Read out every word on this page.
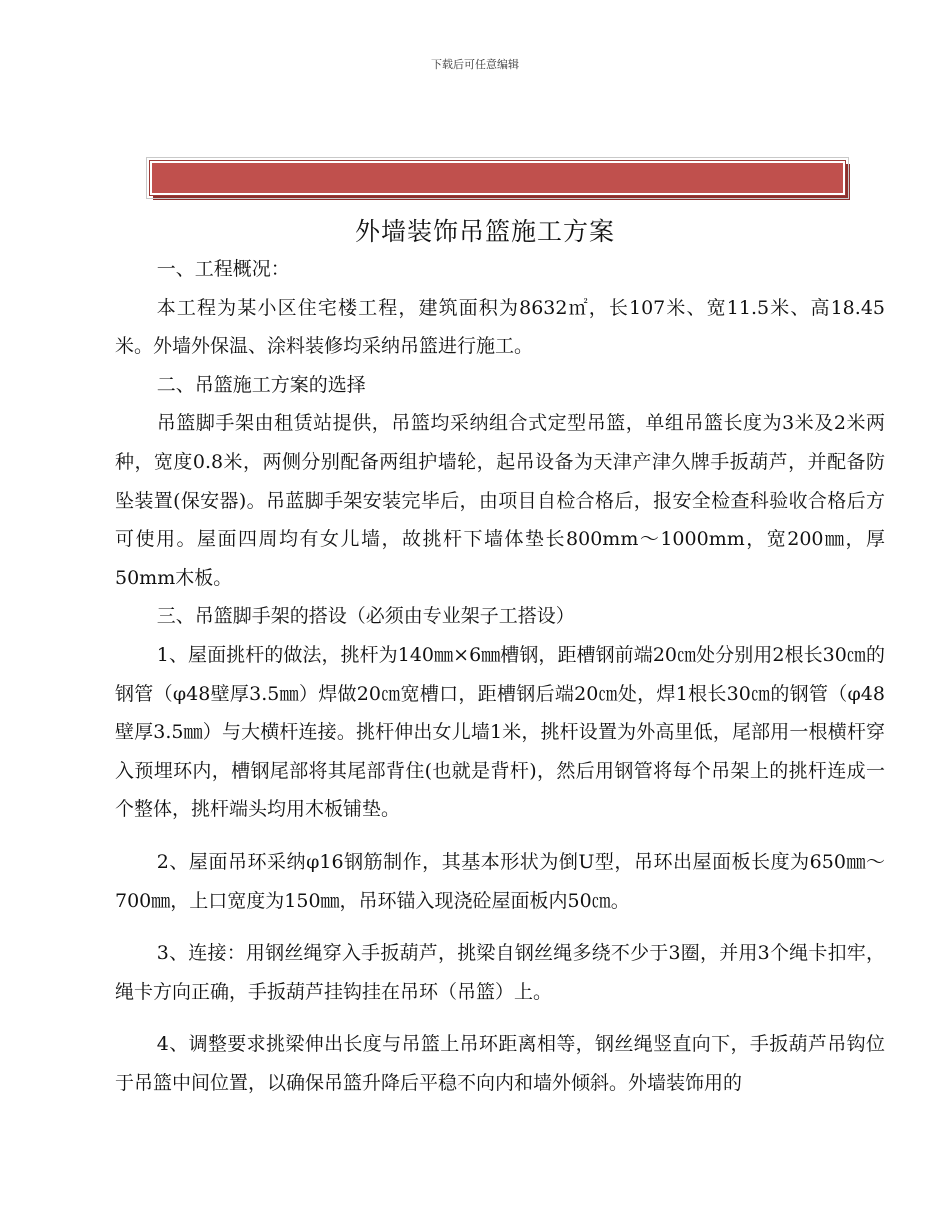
下载后可任意编辑
外墙装饰吊篮施工方案

一、工程概况：

本工程为某小区住宅楼工程，建筑面积为8632㎡，长107米、宽11.5米、高18.45米。外墙外保温、涂料装修均采纳吊篮进行施工。

二、吊篮施工方案的选择

吊篮脚手架由租赁站提供，吊篮均采纳组合式定型吊篮，单组吊篮长度为3米及2米两种，宽度0.8米，两侧分别配备两组护墙轮，起吊设备为天津产津久牌手扳葫芦，并配备防坠装置(保安器)。吊蓝脚手架安装完毕后，由项目自检合格后，报安全检查科验收合格后方可使用。屋面四周均有女儿墙，故挑杆下墙体垫长800mm～1000mm，宽200㎜，厚50mm木板。

三、吊篮脚手架的搭设（必须由专业架子工搭设）

1、屋面挑杆的做法，挑杆为140㎜×6㎜槽钢，距槽钢前端20㎝处分别用2根长30㎝的钢管（φ48壁厚3.5㎜）焊做20㎝宽槽口，距槽钢后端20㎝处，焊1根长30㎝的钢管（φ48壁厚3.5㎜）与大横杆连接。挑杆伸出女儿墙1米，挑杆设置为外高里低，尾部用一根横杆穿入预埋环内，槽钢尾部将其尾部背住(也就是背杆)，然后用钢管将每个吊架上的挑杆连成一个整体，挑杆端头均用木板铺垫。

2、屋面吊环采纳φ16钢筋制作，其基本形状为倒U型，吊环出屋面板长度为650㎜～700㎜，上口宽度为150㎜，吊环锚入现浇砼屋面板内50㎝。

3、连接：用钢丝绳穿入手扳葫芦，挑梁自钢丝绳多绕不少于3圈，并用3个绳卡扣牢，绳卡方向正确，手扳葫芦挂钩挂在吊环（吊篮）上。

4、调整要求挑梁伸出长度与吊篮上吊环距离相等，钢丝绳竖直向下，手扳葫芦吊钩位于吊篮中间位置，以确保吊篮升降后平稳不向内和墙外倾斜。外墙装饰用的
